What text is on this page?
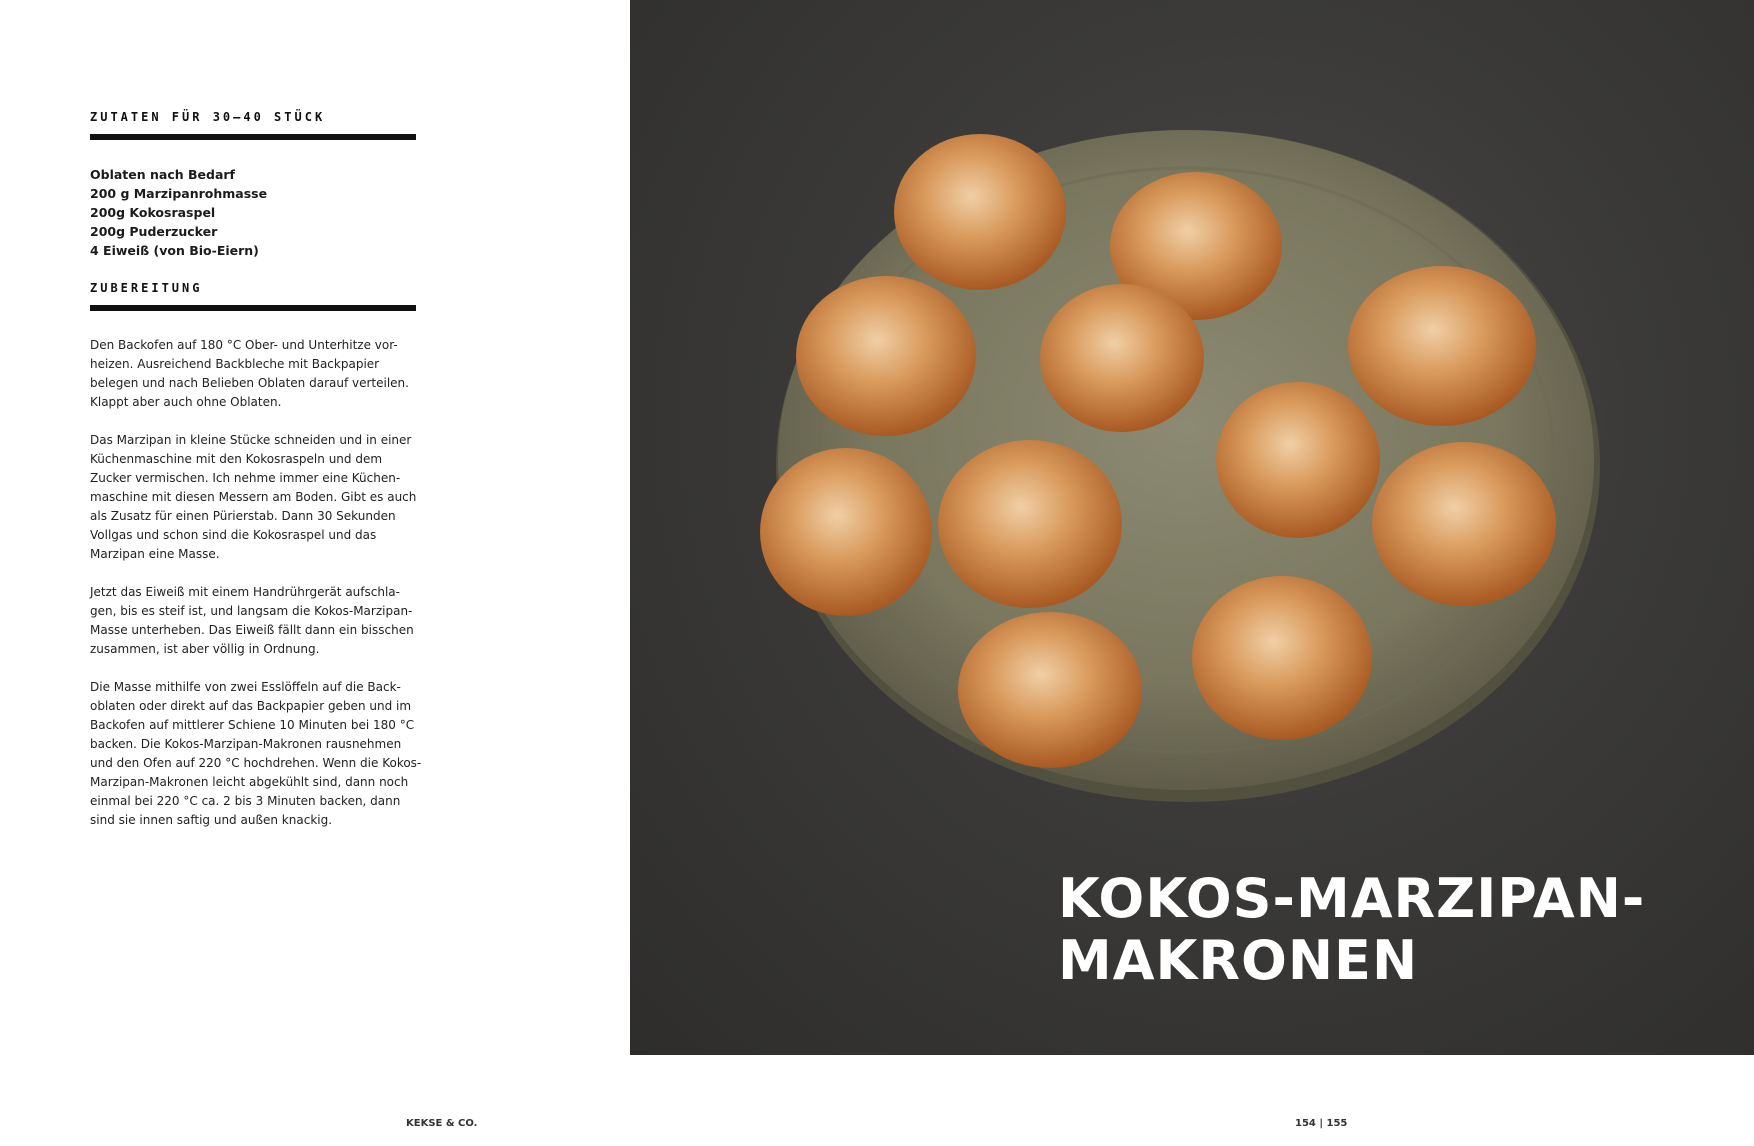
ZUTATEN FÜR 30–40 STÜCK
Oblaten nach Bedarf
200 g Marzipanrohmasse
200g Kokosraspel
200g Puderzucker
4 Eiweiß (von Bio-Eiern)
ZUBEREITUNG

Den Backofen auf 180 °C Ober- und Unterhitze vor-
heizen. Ausreichend Backbleche mit Backpapier
belegen und nach Belieben Oblaten darauf verteilen.
Klappt aber auch ohne Oblaten.

Das Marzipan in kleine Stücke schneiden und in einer
Küchenmaschine mit den Kokosraspeln und dem
Zucker vermischen. Ich nehme immer eine Küchen-
maschine mit diesen Messern am Boden. Gibt es auch
als Zusatz für einen Pürierstab. Dann 30 Sekunden
Vollgas und schon sind die Kokosraspel und das
Marzipan eine Masse.

Jetzt das Eiweiß mit einem Handrührgerät aufschla-
gen, bis es steif ist, und langsam die Kokos-Marzipan-
Masse unterheben. Das Eiweiß fällt dann ein bisschen
zusammen, ist aber völlig in Ordnung.

Die Masse mithilfe von zwei Esslöffeln auf die Back-
oblaten oder direkt auf das Backpapier geben und im
Backofen auf mittlerer Schiene 10 Minuten bei 180 °C
backen. Die Kokos-Marzipan-Makronen rausnehmen
und den Ofen auf 220 °C hochdrehen. Wenn die Kokos-
Marzipan-Makronen leicht abgekühlt sind, dann noch
einmal bei 220 °C ca. 2 bis 3 Minuten backen, dann
sind sie innen saftig und außen knackig.

KOKOS-MARZIPAN-
MAKRONEN
KEKSE & CO.	154 | 155
